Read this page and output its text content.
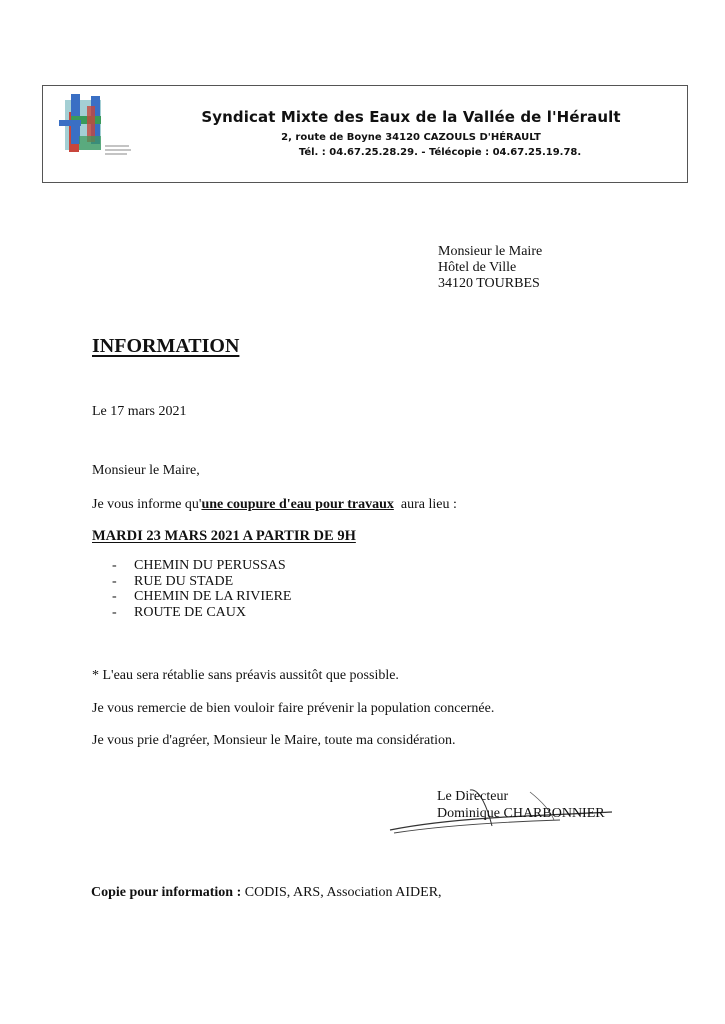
Syndicat Mixte des Eaux de la Vallée de l'Hérault
2, route de Boyne 34120 CAZOULS D'HÉRAULT
Tél. : 04.67.25.28.29. - Télécopie : 04.67.25.19.78.
Monsieur le Maire
Hôtel de Ville
34120 TOURBES
INFORMATION
Le 17 mars 2021
Monsieur le Maire,
Je vous informe qu'une coupure d'eau pour travaux  aura lieu :
MARDI 23 MARS 2021 A PARTIR DE 9H
- CHEMIN DU PERUSSAS
- RUE DU STADE
- CHEMIN DE LA RIVIERE
- ROUTE DE CAUX
* L'eau sera rétablie sans préavis aussitôt que possible.
Je vous remercie de bien vouloir faire prévenir la population concernée.
Je vous prie d'agréer, Monsieur le Maire, toute ma considération.
Le Directeur
Dominique CHARBONNIER
Copie pour information : CODIS, ARS, Association AIDER,
